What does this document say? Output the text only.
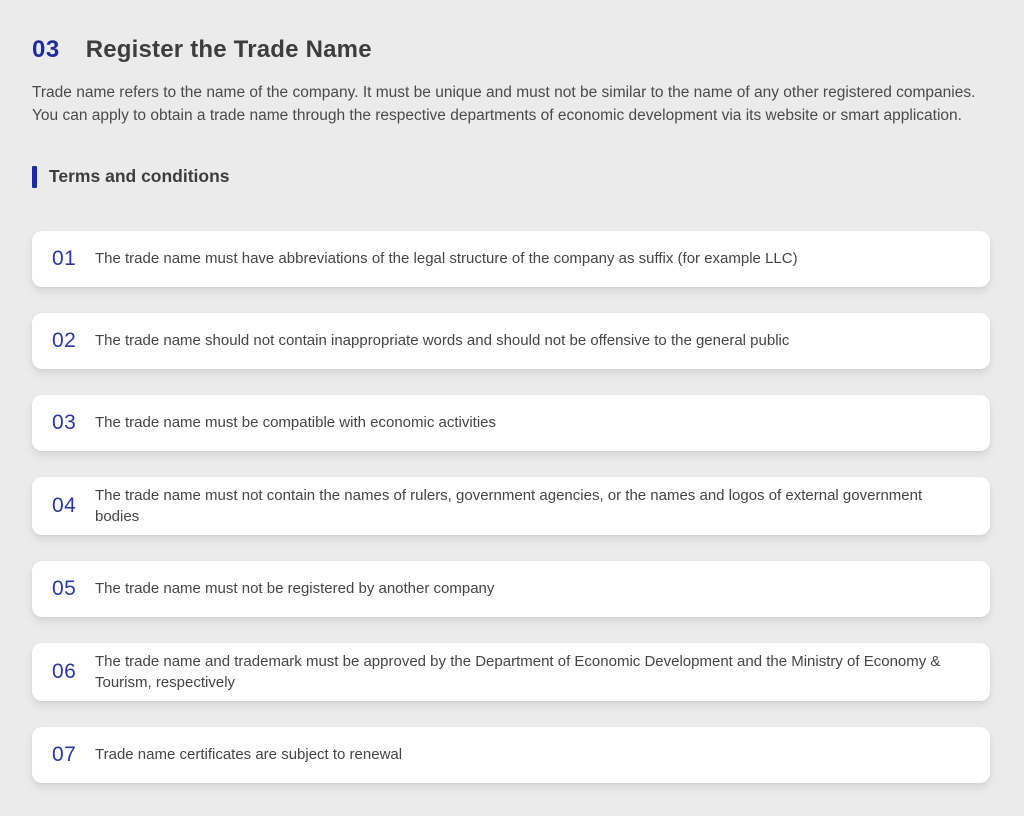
03 Register the Trade Name

Trade name refers to the name of the company. It must be unique and must not be similar to the name of any other registered companies. You can apply to obtain a trade name through the respective departments of economic development via its website or smart application.

Terms and conditions
01 The trade name must have abbreviations of the legal structure of the company as suffix (for example LLC)
02 The trade name should not contain inappropriate words and should not be offensive to the general public
03 The trade name must be compatible with economic activities
04 The trade name must not contain the names of rulers, government agencies, or the names and logos of external government bodies
05 The trade name must not be registered by another company
06 The trade name and trademark must be approved by the Department of Economic Development and the Ministry of Economy & Tourism, respectively
07 Trade name certificates are subject to renewal
